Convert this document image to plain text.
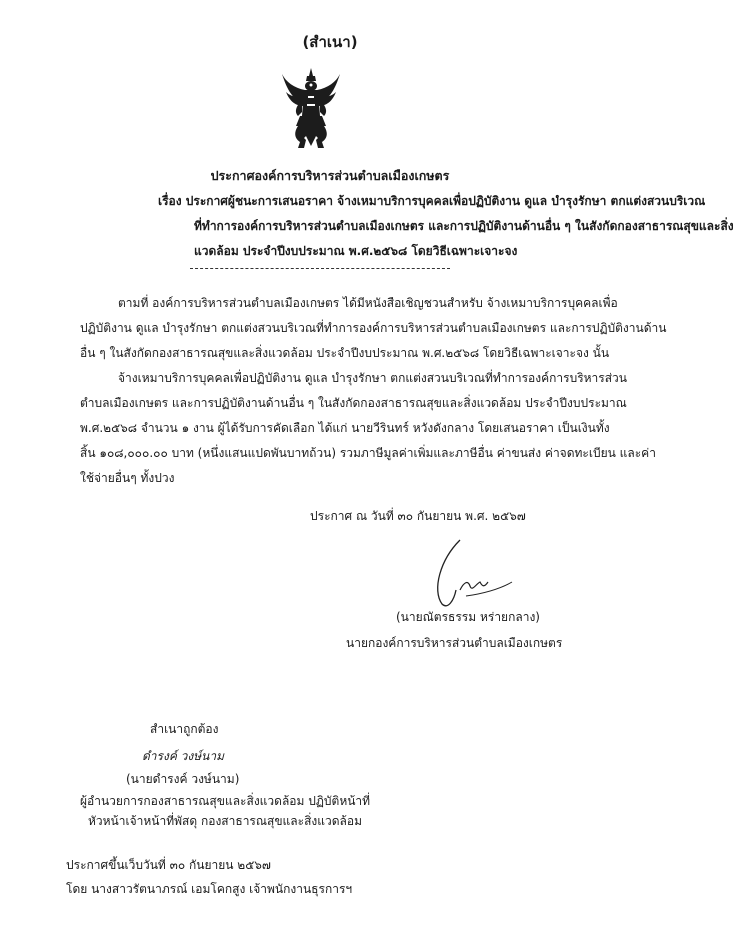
(สำเนา)
ประกาศองค์การบริหารส่วนตำบลเมืองเกษตร
เรื่อง ประกาศผู้ชนะการเสนอราคา จ้างเหมาบริการบุคคลเพื่อปฏิบัติงาน ดูแล บำรุงรักษา ตกแต่งสวนบริเวณ
ที่ทำการองค์การบริหารส่วนตำบลเมืองเกษตร และการปฏิบัติงานด้านอื่น ๆ ในสังกัดกองสาธารณสุขและสิ่ง
แวดล้อม ประจำปีงบประมาณ พ.ศ.๒๕๖๘ โดยวิธีเฉพาะเจาะจง
ตามที่ องค์การบริหารส่วนตำบลเมืองเกษตร ได้มีหนังสือเชิญชวนสำหรับ จ้างเหมาบริการบุคคลเพื่อ
ปฏิบัติงาน ดูแล บำรุงรักษา ตกแต่งสวนบริเวณที่ทำการองค์การบริหารส่วนตำบลเมืองเกษตร และการปฏิบัติงานด้าน
อื่น ๆ ในสังกัดกองสาธารณสุขและสิ่งแวดล้อม ประจำปีงบประมาณ พ.ศ.๒๕๖๘ โดยวิธีเฉพาะเจาะจง นั้น
จ้างเหมาบริการบุคคลเพื่อปฏิบัติงาน ดูแล บำรุงรักษา ตกแต่งสวนบริเวณที่ทำการองค์การบริหารส่วน
ตำบลเมืองเกษตร และการปฏิบัติงานด้านอื่น ๆ ในสังกัดกองสาธารณสุขและสิ่งแวดล้อม ประจำปีงบประมาณ
พ.ศ.๒๕๖๘ จำนวน ๑ งาน ผู้ได้รับการคัดเลือก ได้แก่ นายวีรินทร์ หวังดังกลาง โดยเสนอราคา เป็นเงินทั้ง
สิ้น ๑๐๘,๐๐๐.๐๐ บาท (หนึ่งแสนแปดพันบาทถ้วน) รวมภาษีมูลค่าเพิ่มและภาษีอื่น ค่าขนส่ง ค่าจดทะเบียน และค่า
ใช้จ่ายอื่นๆ ทั้งปวง
ประกาศ ณ วันที่ ๓๐ กันยายน พ.ศ. ๒๕๖๗
(นายณัตรธรรม หร่ายกลาง)
นายกองค์การบริหารส่วนตำบลเมืองเกษตร
สำเนาถูกต้อง
ดำรงค์ วงษ์นาม
(นายดำรงค์ วงษ์นาม)
ผู้อำนวยการกองสาธารณสุขและสิ่งแวดล้อม ปฏิบัติหน้าที่
หัวหน้าเจ้าหน้าที่พัสดุ กองสาธารณสุขและสิ่งแวดล้อม
ประกาศขึ้นเว็บวันที่ ๓๐ กันยายน ๒๕๖๗
โดย นางสาวรัตนาภรณ์ เอมโคกสูง เจ้าพนักงานธุรการฯ
